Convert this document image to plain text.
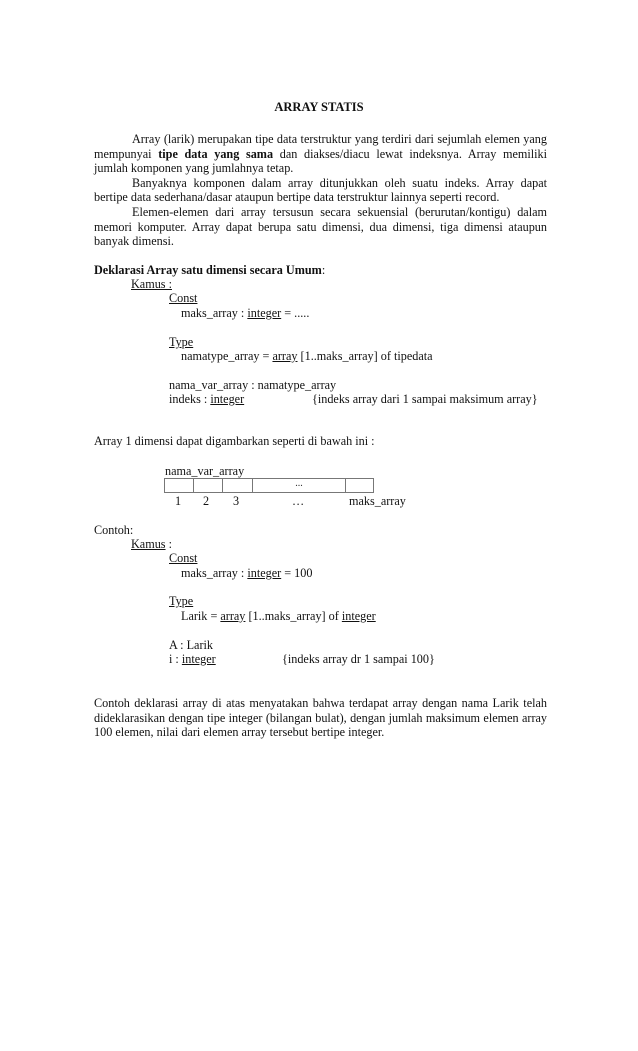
ARRAY STATIS

Array (larik) merupakan tipe data terstruktur yang terdiri dari sejumlah elemen yang mempunyai tipe data yang sama dan diakses/diacu lewat indeksnya. Array memiliki jumlah komponen yang jumlahnya tetap.

Banyaknya komponen dalam array ditunjukkan oleh suatu indeks. Array dapat bertipe data sederhana/dasar ataupun bertipe data terstruktur lainnya seperti record.

Elemen-elemen dari array tersusun secara sekuensial (berurutan/kontigu) dalam memori komputer. Array dapat berupa satu dimensi, dua dimensi, tiga dimensi ataupun banyak dimensi.

Deklarasi Array satu dimensi secara Umum:
Kamus :
Const
maks_array : integer = .....
Type
namatype_array = array [1..maks_array] of tipedata
nama_var_array : namatype_array
indeks : integer	{indeks array dari 1 sampai maksimum array}
Array 1 dimensi dapat digambarkan seperti di bawah ini :
nama_var_array
...
1 2 3	…	maks_array
Contoh:
Kamus :
Const
maks_array : integer = 100
Type
Larik = array [1..maks_array] of integer
A : Larik
i : integer	{indeks array dr 1 sampai 100}
Contoh deklarasi array di atas menyatakan bahwa terdapat array dengan nama Larik telah dideklarasikan dengan tipe integer (bilangan bulat), dengan jumlah maksimum elemen array 100 elemen, nilai dari elemen array tersebut bertipe integer.
